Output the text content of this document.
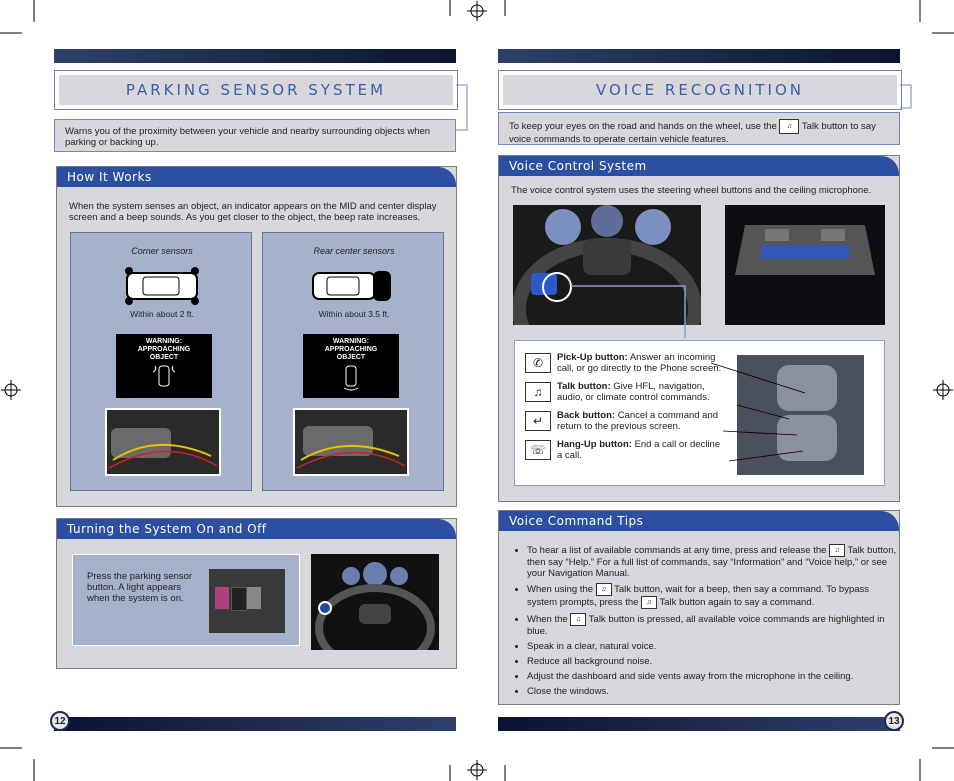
PARKING SENSOR SYSTEM
Warns you of the proximity between your vehicle and nearby surrounding objects when parking or backing up.
How It Works
When the system senses an object, an indicator appears on the MID and center display screen and a beep sounds. As you get closer to the object, the beep rate increases.
Corner sensors
Within about 2 ft.
WARNING: APPROACHING OBJECT
Rear center sensors
Within about 3.5 ft.
WARNING: APPROACHING OBJECT
Turning the System On and Off
Press the parking sensor button. A light appears when the system is on.
12
VOICE RECOGNITION
To keep your eyes on the road and hands on the wheel, use the ♫ Talk button to say voice commands to operate certain vehicle features.
Voice Control System
The voice control system uses the steering wheel buttons and the ceiling microphone.
✆	Pick-Up button: Answer an incoming call, or go directly to the Phone screen.
♫	Talk button: Give HFL, navigation, audio, or climate control commands.
↵	Back button: Cancel a command and return to the previous screen.
☏	Hang-Up button: End a call or decline a call.
Voice Command Tips
• To hear a list of available commands at any time, press and release the ♫ Talk button, then say “Help.” For a full list of commands, say “Information” and “Voice help,” or see your Navigation Manual.
• When using the ♫ Talk button, wait for a beep, then say a command. To bypass system prompts, press the ♫ Talk button again to say a command.
• When the ♫ Talk button is pressed, all available voice commands are highlighted in blue.
• Speak in a clear, natural voice.
• Reduce all background noise.
• Adjust the dashboard and side vents away from the microphone in the ceiling.
• Close the windows.
13
